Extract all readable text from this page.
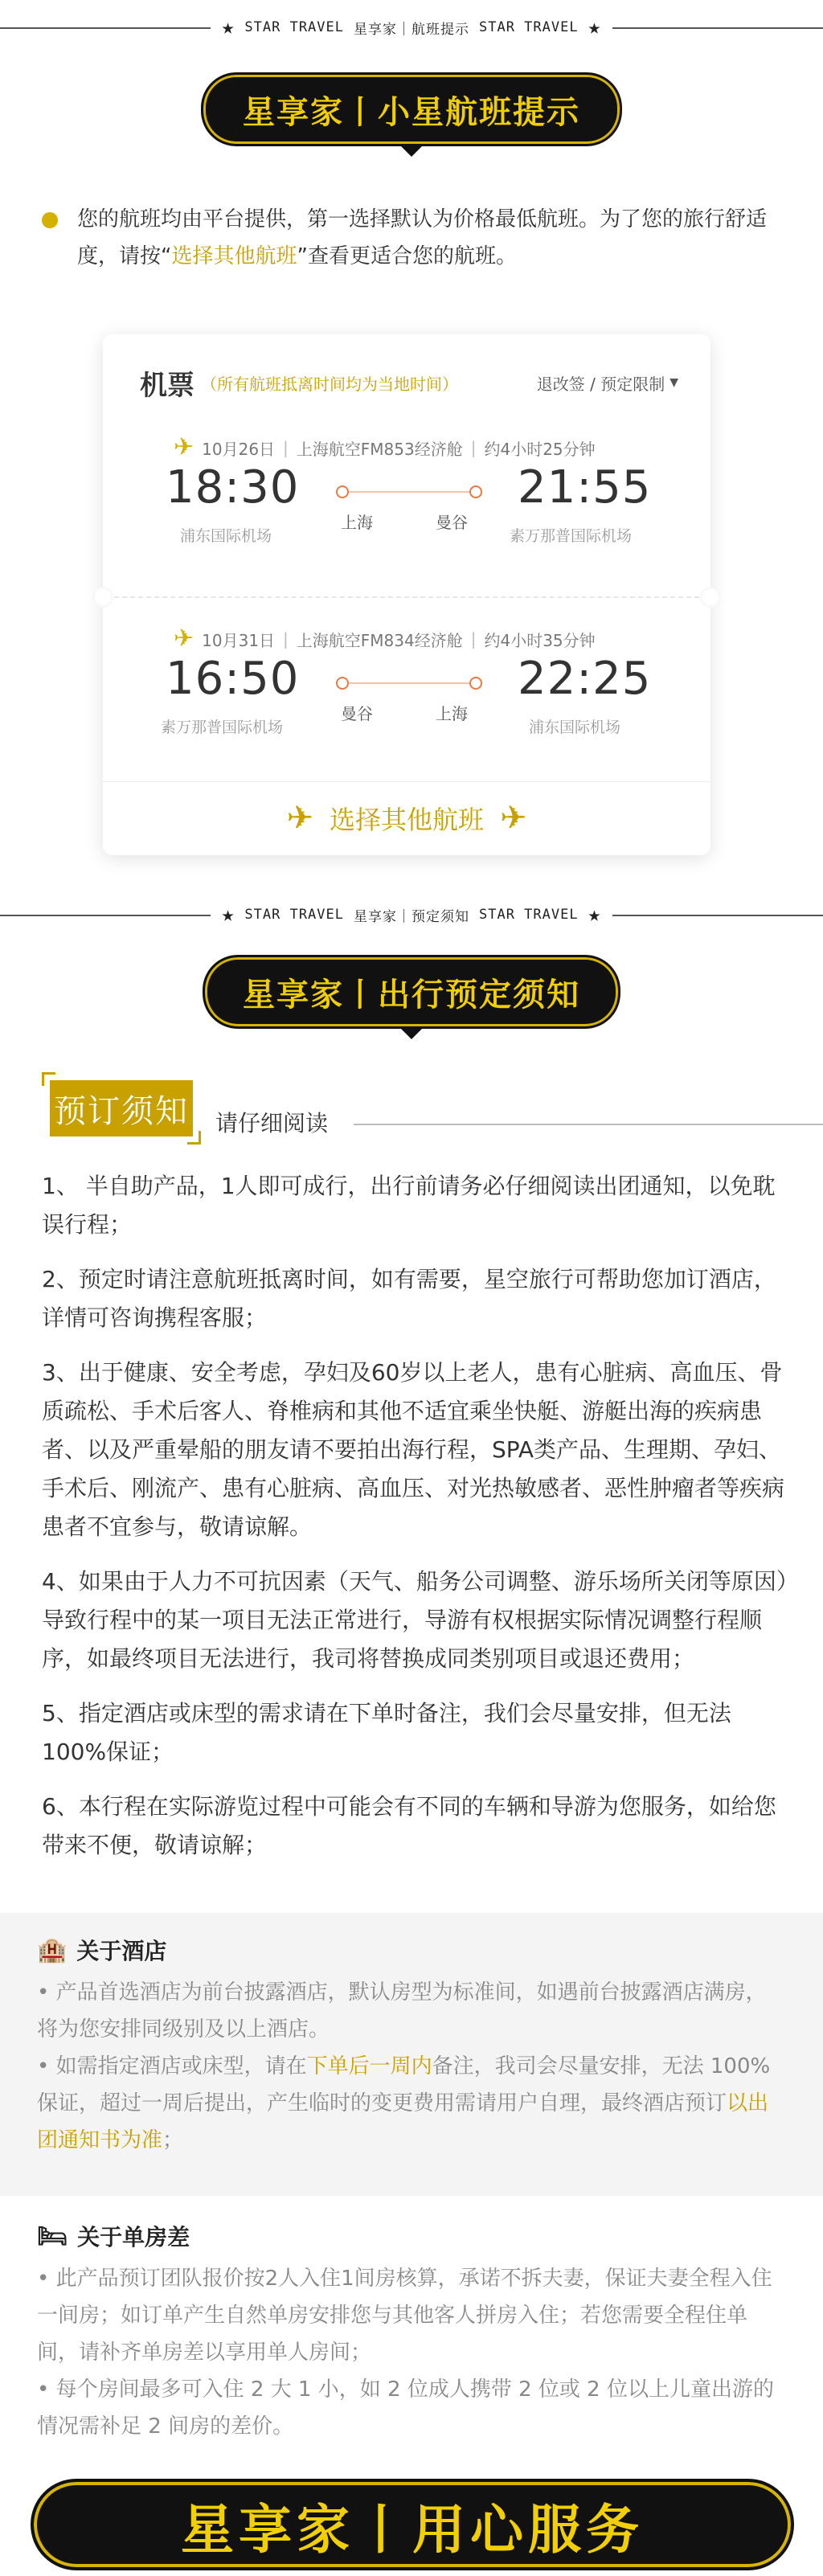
★ STAR TRAVEL 星享家｜航班提示 STAR TRAVEL ★
星享家丨小星航班提示
您的航班均由平台提供，第一选择默认为价格最低航班。为了您的旅行舒适度，请按“选择其他航班”查看更适合您的航班。
机票 （所有航班抵离时间均为当地时间）	退改签 / 预定限制 ▼
✈ 10月26日 | 上海航空FM853经济舱 | 约4小时25分钟
18:30
浦东国际机场
上海	曼谷
21:55
素万那普国际机场
✈ 10月31日 | 上海航空FM834经济舱 | 约4小时35分钟
16:50
素万那普国际机场
曼谷	上海
22:25
浦东国际机场
✈ 选择其他航班 ✈
★ STAR TRAVEL 星享家｜预定须知 STAR TRAVEL ★
星享家丨出行预定须知
预订须知 请仔细阅读

1、 半自助产品，1人即可成行，出行前请务必仔细阅读出团通知，以免耽误行程；

2、预定时请注意航班抵离时间，如有需要，星空旅行可帮助您加订酒店，详情可咨询携程客服；

3、出于健康、安全考虑，孕妇及60岁以上老人，患有心脏病、高血压、骨质疏松、手术后客人、脊椎病和其他不适宜乘坐快艇、游艇出海的疾病患者、以及严重晕船的朋友请不要拍出海行程，SPA类产品、生理期、孕妇、手术后、刚流产、患有心脏病、高血压、对光热敏感者、恶性肿瘤者等疾病患者不宜参与，敬请谅解。

4、如果由于人力不可抗因素（天气、船务公司调整、游乐场所关闭等原因）导致行程中的某一项目无法正常进行，导游有权根据实际情况调整行程顺序，如最终项目无法进行，我司将替换成同类别项目或退还费用；

5、指定酒店或床型的需求请在下单时备注，我们会尽量安排，但无法100%保证；

6、本行程在实际游览过程中可能会有不同的车辆和导游为您服务，如给您带来不便，敬请谅解；

🏨 关于酒店

• 产品首选酒店为前台披露酒店，默认房型为标准间，如遇前台披露酒店满房，将为您安排同级别及以上酒店。

• 如需指定酒店或床型，请在下单后一周内备注，我司会尽量安排，无法 100% 保证，超过一周后提出，产生临时的变更费用需请用户自理，最终酒店预订以出团通知书为准；

🛏 关于单房差

• 此产品预订团队报价按2人入住1间房核算，承诺不拆夫妻，保证夫妻全程入住一间房；如订单产生自然单房安排您与其他客人拼房入住；若您需要全程住单间，请补齐单房差以享用单人房间；

• 每个房间最多可入住 2 大 1 小，如 2 位成人携带 2 位或 2 位以上儿童出游的情况需补足 2 间房的差价。

星享家丨用心服务
